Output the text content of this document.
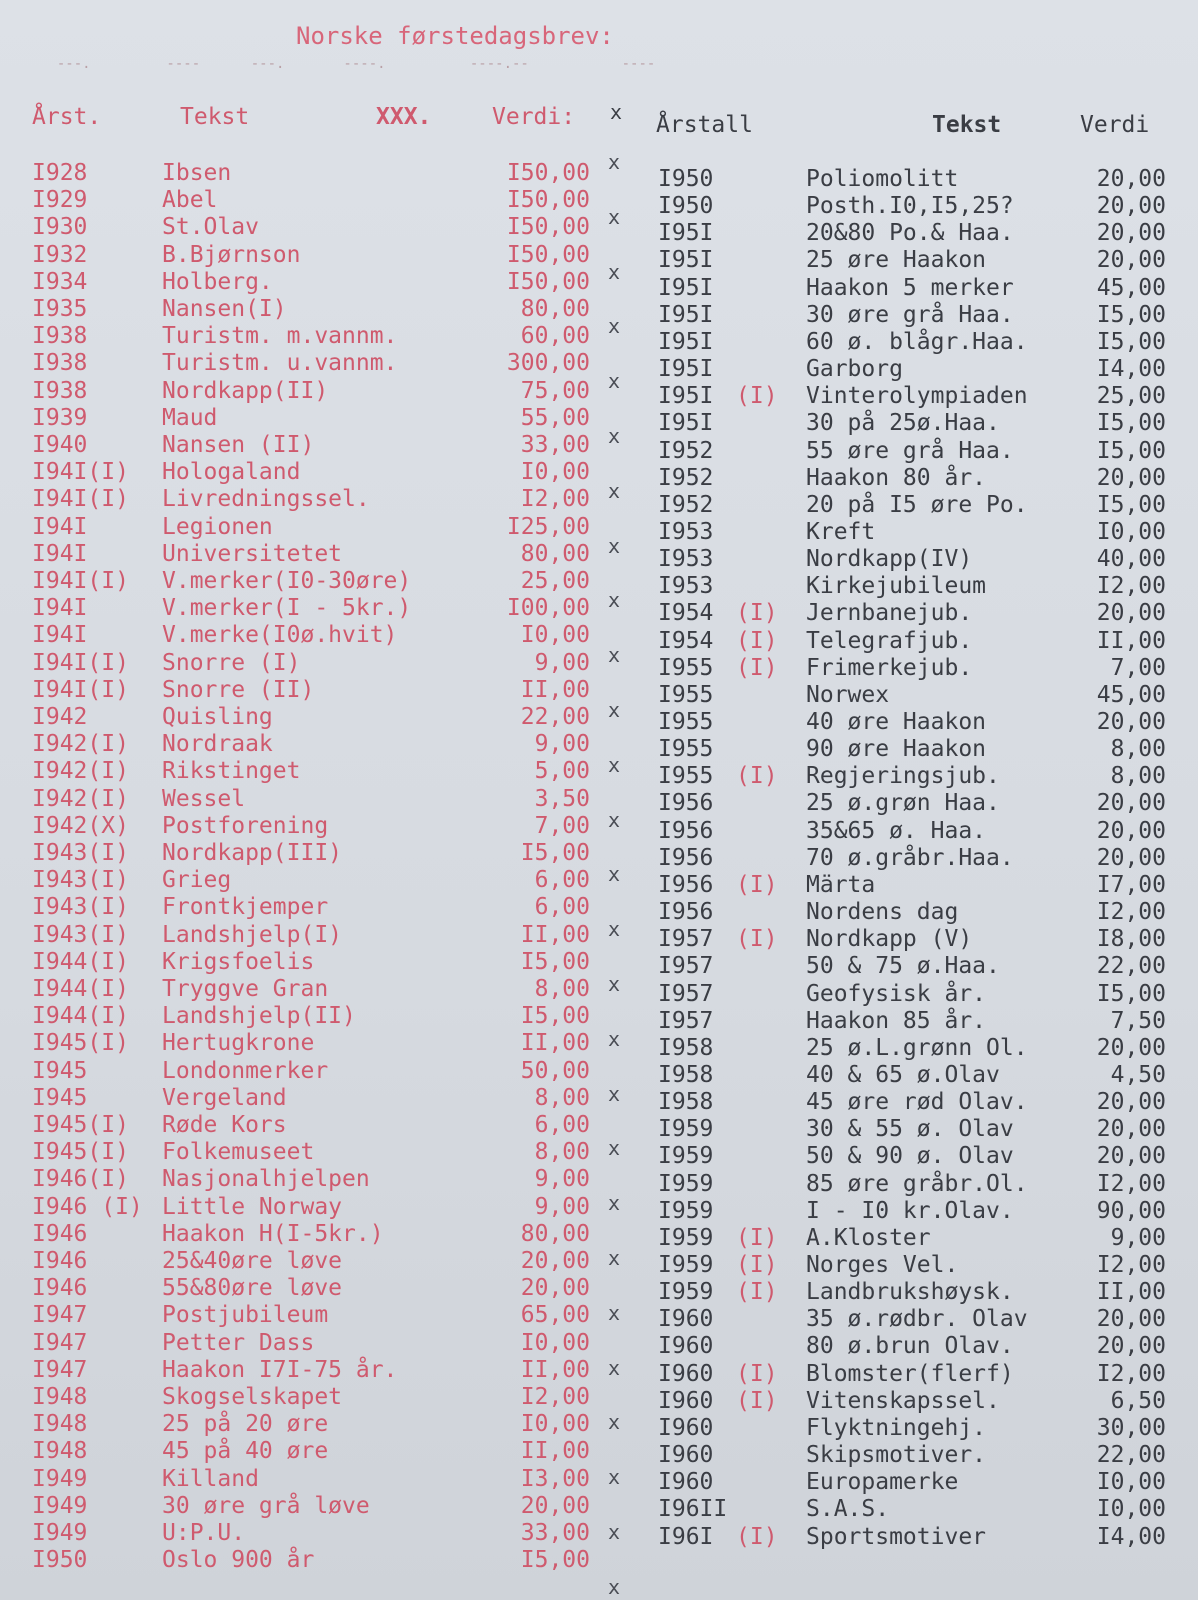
Norske førstedagsbrev:
---.         ----      ---.       ----.          ----.--           ----
Årst.	Tekst	XXX.	Verdi: x Årstall	Tekst	Verdi
I928	Ibsen	I50,00
I929	Abel	I50,00
I930	St.Olav	I50,00
I932	B.Bjørnson	I50,00
I934	Holberg.	I50,00
I935	Nansen(I)	80,00
I938	Turistm. m.vannm.	60,00
I938	Turistm. u.vannm.	300,00
I938	Nordkapp(II)	75,00
I939	Maud	55,00
I940	Nansen (II)	33,00
I94I(I)	Hologaland	I0,00
I94I(I)	Livredningssel.	I2,00
I94I	Legionen	I25,00
I94I	Universitetet	80,00
I94I(I)	V.merker(I0-30øre)	25,00
I94I	V.merker(I - 5kr.)	I00,00
I94I	V.merke(I0ø.hvit)	I0,00
I94I(I)	Snorre (I)	9,00
I94I(I)	Snorre (II)	II,00
I942	Quisling	22,00
I942(I)	Nordraak	9,00
I942(I)	Rikstinget	5,00
I942(I)	Wessel	3,50
I942(X)	Postforening	7,00
I943(I)	Nordkapp(III)	I5,00
I943(I)	Grieg	6,00
I943(I)	Frontkjemper	6,00
I943(I)	Landshjelp(I)	II,00
I944(I)	Krigsfoelis	I5,00
I944(I)	Tryggve Gran	8,00
I944(I)	Landshjelp(II)	I5,00
I945(I)	Hertugkrone	II,00
I945	Londonmerker	50,00
I945	Vergeland	8,00
I945(I)	Røde Kors	6,00
I945(I)	Folkemuseet	8,00
I946(I)	Nasjonalhjelpen	9,00
I946 (I) Little Norway	9,00
I946	Haakon H(I-5kr.)	80,00
I946	25&40øre løve	20,00
I946	55&80øre løve	20,00
I947	Postjubileum	65,00
I947	Petter Dass	I0,00
I947	Haakon I7I-75 år.	II,00
I948	Skogselskapet	I2,00
I948	25 på 20 øre	I0,00
I948	45 på 40 øre	II,00
I949	Killand	I3,00
I949	30 øre grå løve	20,00
I949	U:P.U.	33,00
I950	Oslo 900 år	I5,00
I950	Poliomolitt	20,00
I950	Posth.I0,I5,25?	20,00
I95I	20&80 Po.& Haa.	20,00
I95I	25 øre Haakon	20,00
I95I	Haakon 5 merker	45,00
I95I	30 øre grå Haa.	I5,00
I95I	60 ø. blågr.Haa.	I5,00
I95I	Garborg	I4,00
I95I (I)	Vinterolympiaden	25,00
I95I	30 på 25ø.Haa.	I5,00
I952	55 øre grå Haa.	I5,00
I952	Haakon 80 år.	20,00
I952	20 på I5 øre Po.	I5,00
I953	Kreft	I0,00
I953	Nordkapp(IV)	40,00
I953	Kirkejubileum	I2,00
I954 (I)	Jernbanejub.	20,00
I954 (I)	Telegrafjub.	II,00
I955 (I)	Frimerkejub.	7,00
I955	Norwex	45,00
I955	40 øre Haakon	20,00
I955	90 øre Haakon	8,00
I955 (I)	Regjeringsjub.	8,00
I956	25 ø.grøn Haa.	20,00
I956	35&65 ø. Haa.	20,00
I956	70 ø.gråbr.Haa.	20,00
I956 (I)	Märta	I7,00
I956	Nordens dag	I2,00
I957 (I)	Nordkapp (V)	I8,00
I957	50 & 75 ø.Haa.	22,00
I957	Geofysisk år.	I5,00
I957	Haakon 85 år.	7,50
I958	25 ø.L.grønn Ol.	20,00
I958	40 & 65 ø.Olav	4,50
I958	45 øre rød Olav.	20,00
I959	30 & 55 ø. Olav	20,00
I959	50 & 90 ø. Olav	20,00
I959	85 øre gråbr.Ol.	I2,00
I959	I - I0 kr.Olav.	90,00
I959 (I)	A.Kloster	9,00
I959 (I)	Norges Vel.	I2,00
I959 (I)	Landbrukshøysk.	II,00
I960	35 ø.rødbr. Olav	20,00
I960	80 ø.brun Olav.	20,00
I960 (I)	Blomster(flerf)	I2,00
I960 (I)	Vitenskapssel.	6,50
I960	Flyktningehj.	30,00
I960	Skipsmotiver.	22,00
I960	Europamerke	I0,00
I96II	S.A.S.	I0,00
I96I (I)	Sportsmotiver	I4,00
x
x
x
x
x
x
x
x
x
x
x
x
x
x
x
x
x
x
x
x
x
x
x
x
x
x
x
